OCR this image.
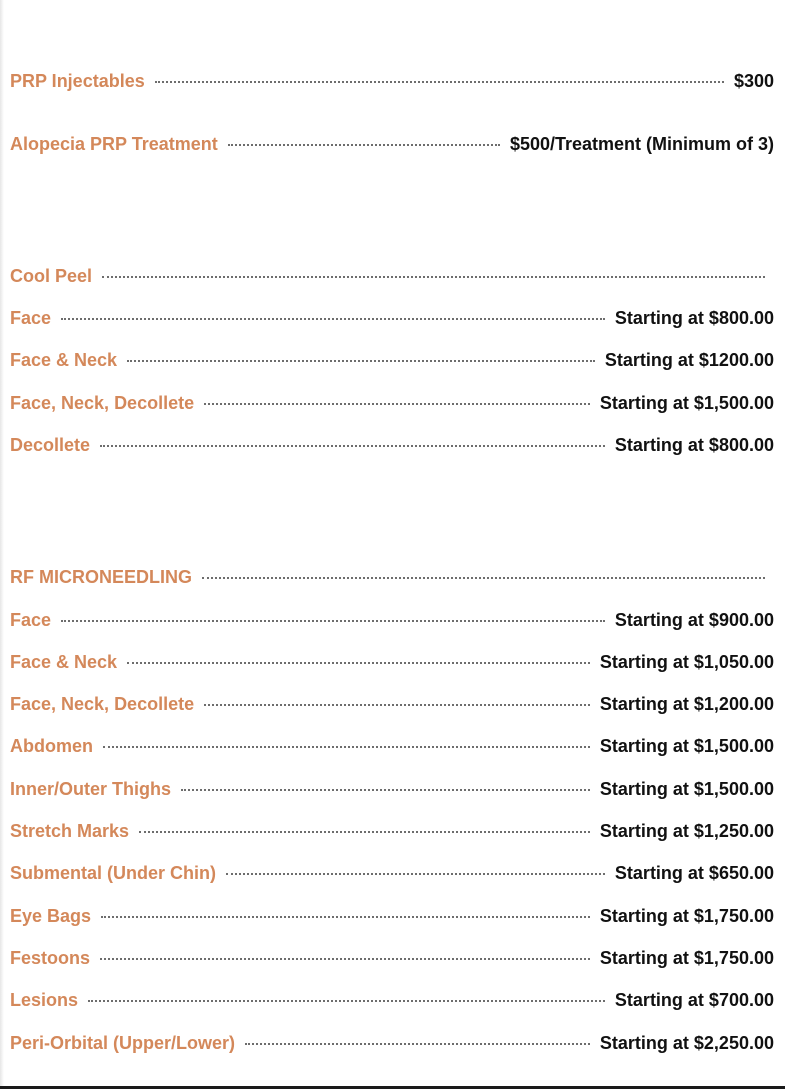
PRP Injectables	$300
Alopecia PRP Treatment	$500/Treatment (Minimum of 3)
Cool Peel
Face	Starting at $800.00
Face & Neck	Starting at $1200.00
Face, Neck, Decollete	Starting at $1,500.00
Decollete	Starting at $800.00
RF MICRONEEDLING
Face	Starting at $900.00
Face & Neck	Starting at $1,050.00
Face, Neck, Decollete	Starting at $1,200.00
Abdomen	Starting at $1,500.00
Inner/Outer Thighs	Starting at $1,500.00
Stretch Marks	Starting at $1,250.00
Submental (Under Chin)	Starting at $650.00
Eye Bags	Starting at $1,750.00
Festoons	Starting at $1,750.00
Lesions	Starting at $700.00
Peri-Orbital (Upper/Lower)	Starting at $2,250.00
